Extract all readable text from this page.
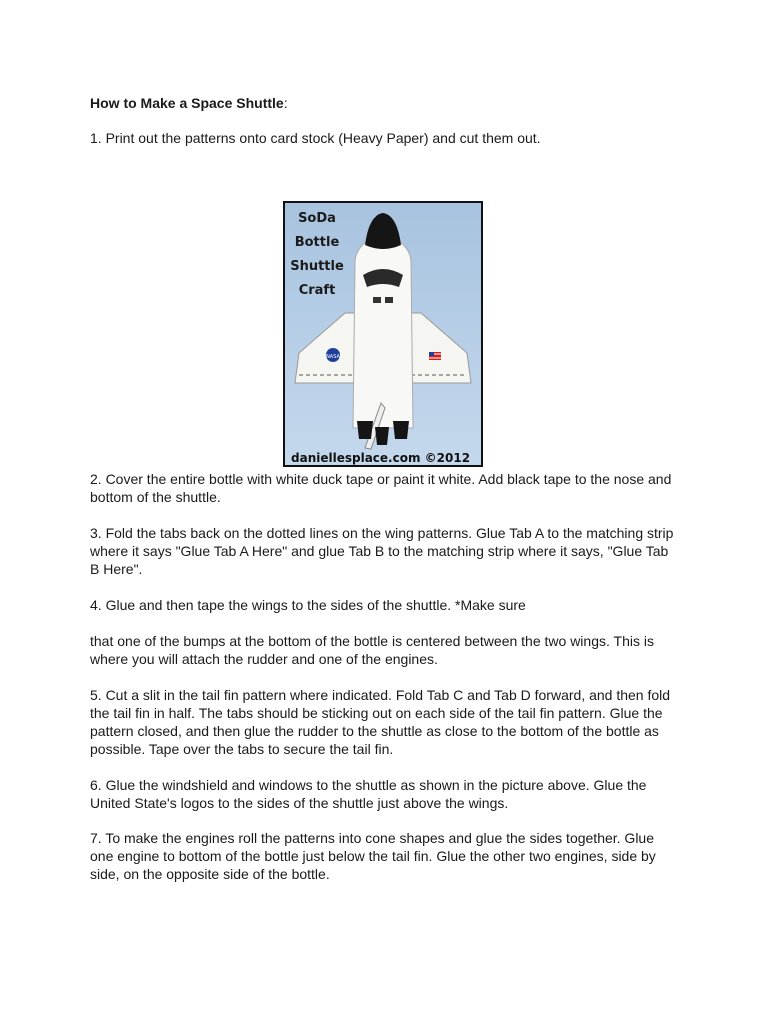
How to Make a Space Shuttle:

1. Print out the patterns onto card stock (Heavy Paper) and cut them out.

NASA
SoDa
Bottle
Shuttle
Craft
daniellesplace.com ©2012

2. Cover the entire bottle with white duck tape or paint it white. Add black tape to the nose and bottom of the shuttle.

3. Fold the tabs back on the dotted lines on the wing patterns. Glue Tab A to the matching strip where it says "Glue Tab A Here" and glue Tab B to the matching strip where it says, "Glue Tab B Here".

4. Glue and then tape the wings to the sides of the shuttle. *Make sure

that one of the bumps at the bottom of the bottle is centered between the two wings. This is where you will attach the rudder and one of the engines.

5. Cut a slit in the tail fin pattern where indicated. Fold Tab C and Tab D forward, and then fold the tail fin in half. The tabs should be sticking out on each side of the tail fin pattern. Glue the pattern closed, and then glue the rudder to the shuttle as close to the bottom of the bottle as possible. Tape over the tabs to secure the tail fin.

6. Glue the windshield and windows to the shuttle as shown in the picture above. Glue the United State's logos to the sides of the shuttle just above the wings.

7. To make the engines roll the patterns into cone shapes and glue the sides together. Glue one engine to bottom of the bottle just below the tail fin. Glue the other two engines, side by side, on the opposite side of the bottle.
